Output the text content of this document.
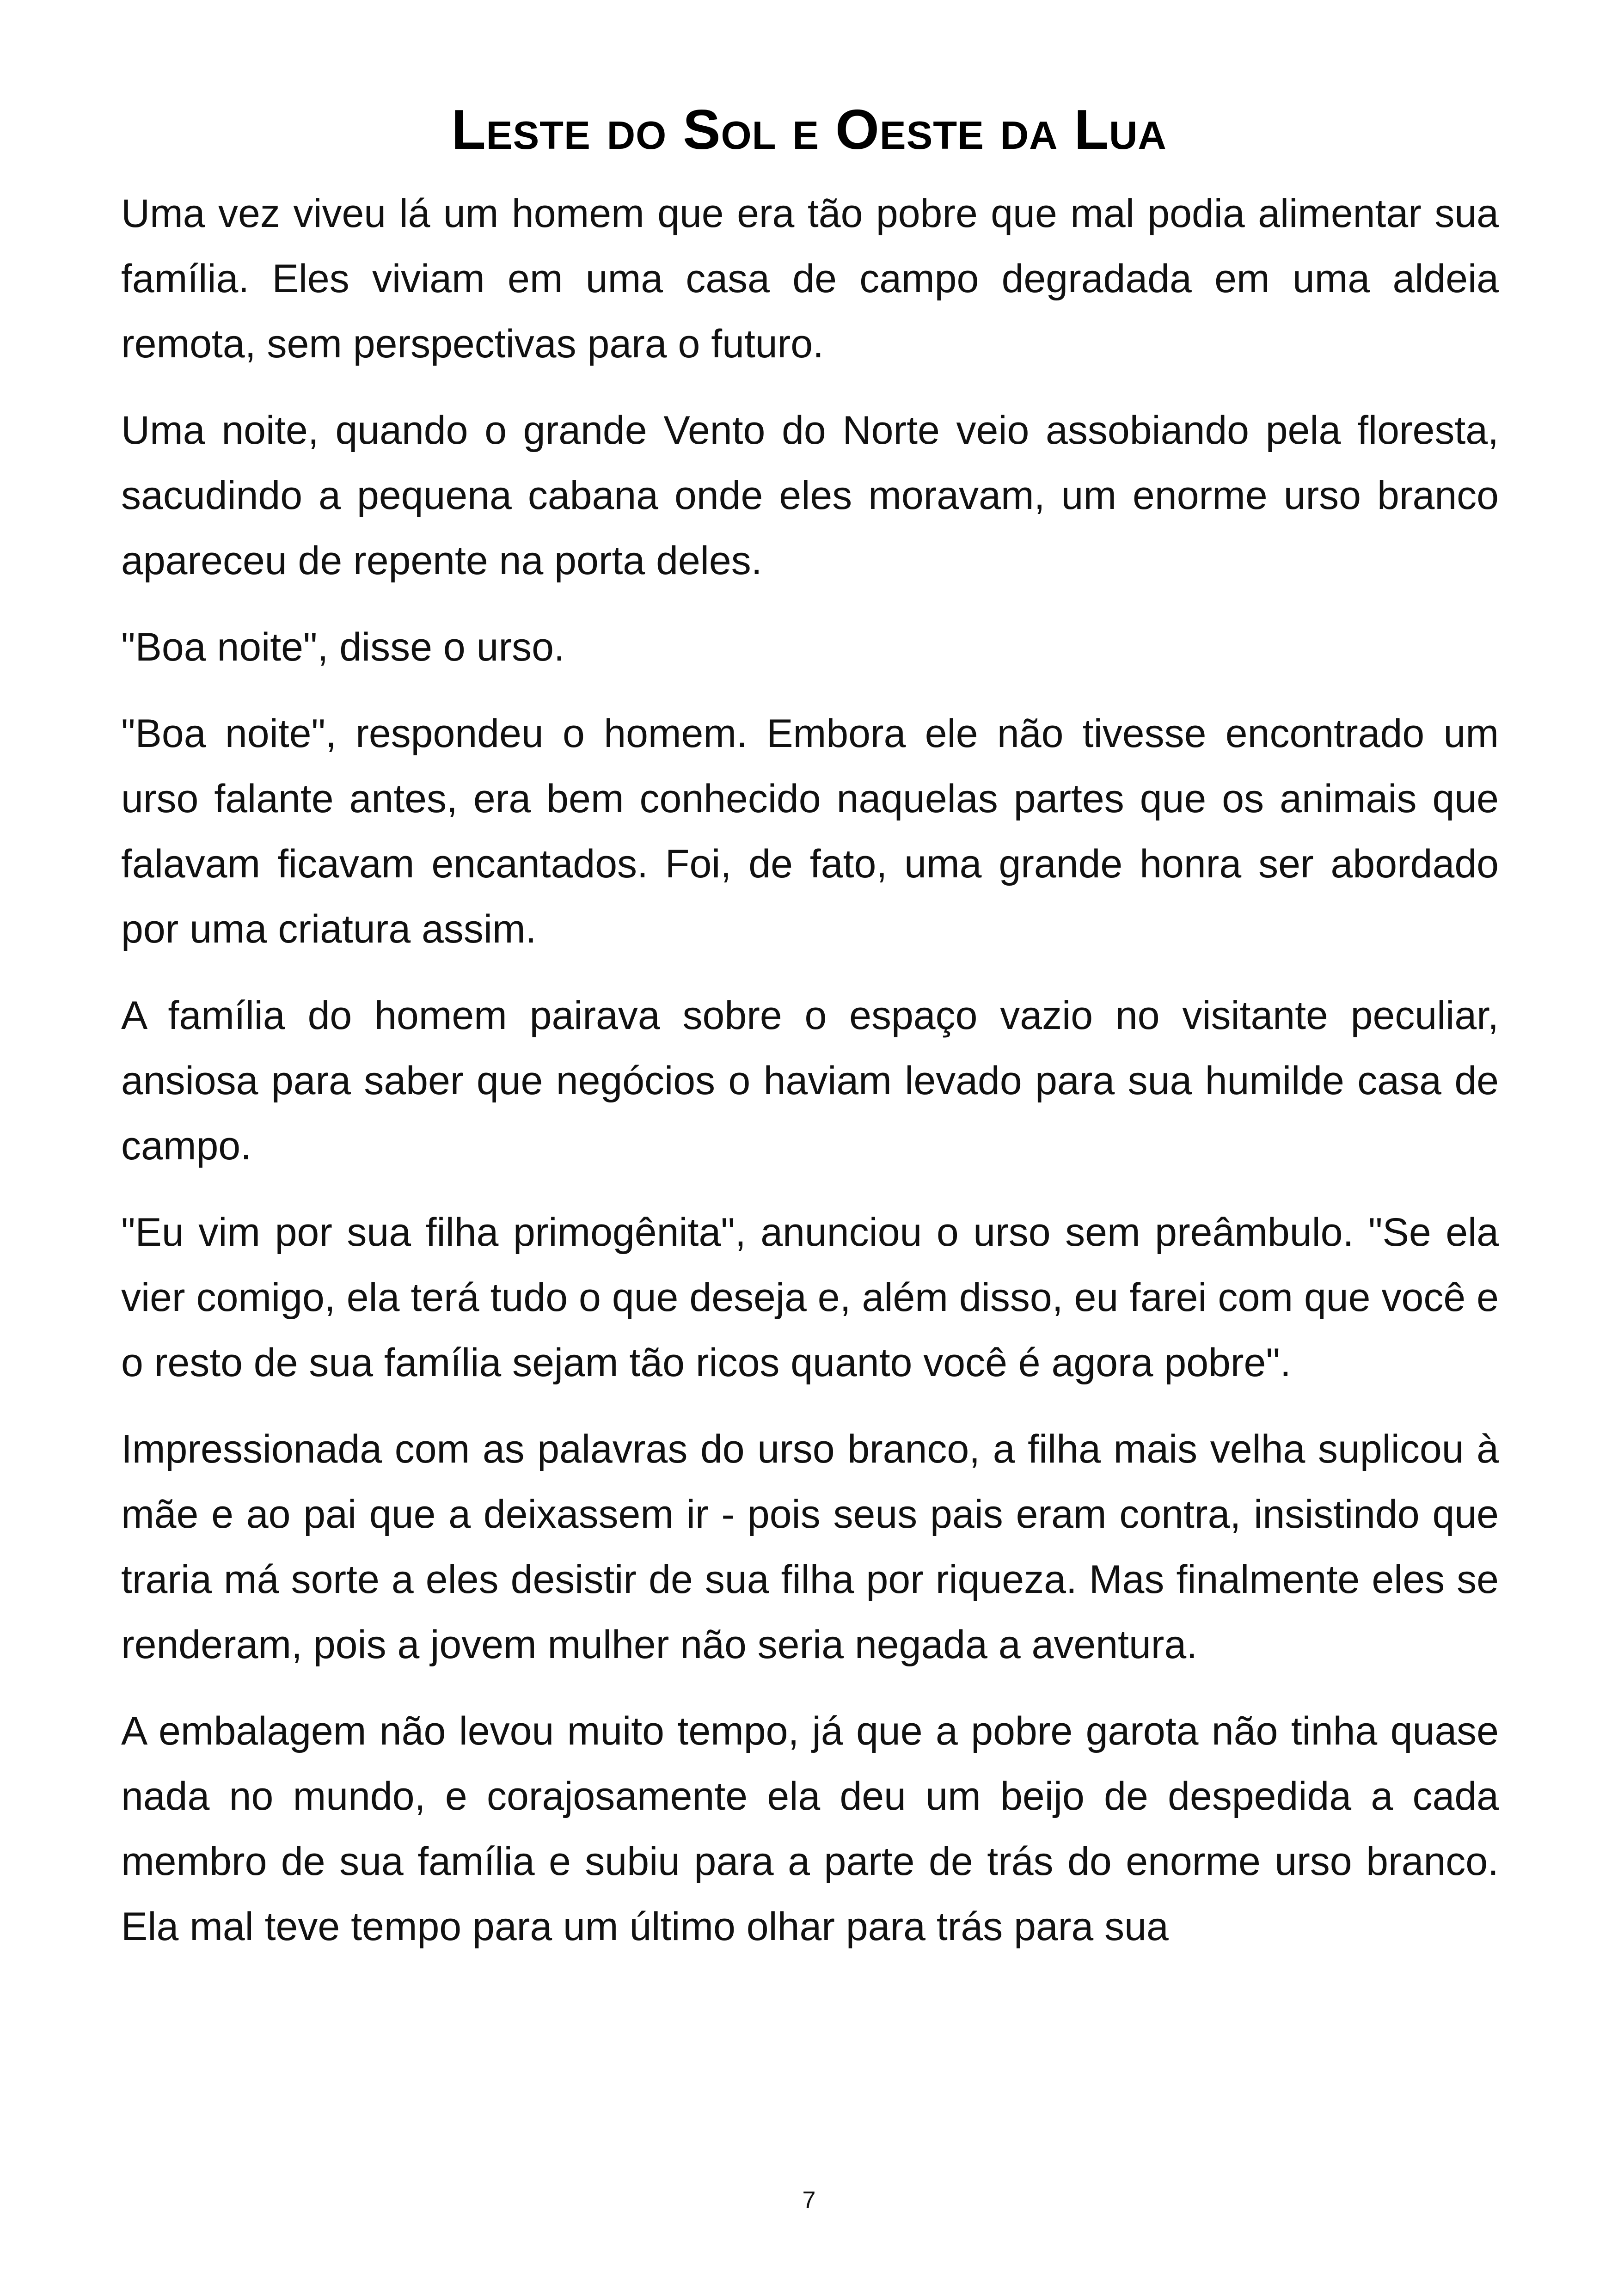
Leste do Sol e Oeste da Lua

Uma vez viveu lá um homem que era tão pobre que mal podia alimentar sua família. Eles viviam em uma casa de campo degradada em uma aldeia remota, sem perspectivas para o futuro.

Uma noite, quando o grande Vento do Norte veio assobiando pela floresta, sacudindo a pequena cabana onde eles moravam, um enorme urso branco apareceu de repente na porta deles.

"Boa noite", disse o urso.

"Boa noite", respondeu o homem. Embora ele não tivesse encontrado um urso falante antes, era bem conhecido naquelas partes que os animais que falavam ficavam encantados. Foi, de fato, uma grande honra ser abordado por uma criatura assim.

A família do homem pairava sobre o espaço vazio no visitante peculiar, ansiosa para saber que negócios o haviam levado para sua humilde casa de campo.

"Eu vim por sua filha primogênita", anunciou o urso sem preâmbulo. "Se ela vier comigo, ela terá tudo o que deseja e, além disso, eu farei com que você e o resto de sua família sejam tão ricos quanto você é agora pobre".

Impressionada com as palavras do urso branco, a filha mais velha suplicou à mãe e ao pai que a deixassem ir - pois seus pais eram contra, insistindo que traria má sorte a eles desistir de sua filha por riqueza. Mas finalmente eles se renderam, pois a jovem mulher não seria negada a aventura.

A embalagem não levou muito tempo, já que a pobre garota não tinha quase nada no mundo, e corajosamente ela deu um beijo de despedida a cada membro de sua família e subiu para a parte de trás do enorme urso branco. Ela mal teve tempo para um último olhar para trás para sua

7
